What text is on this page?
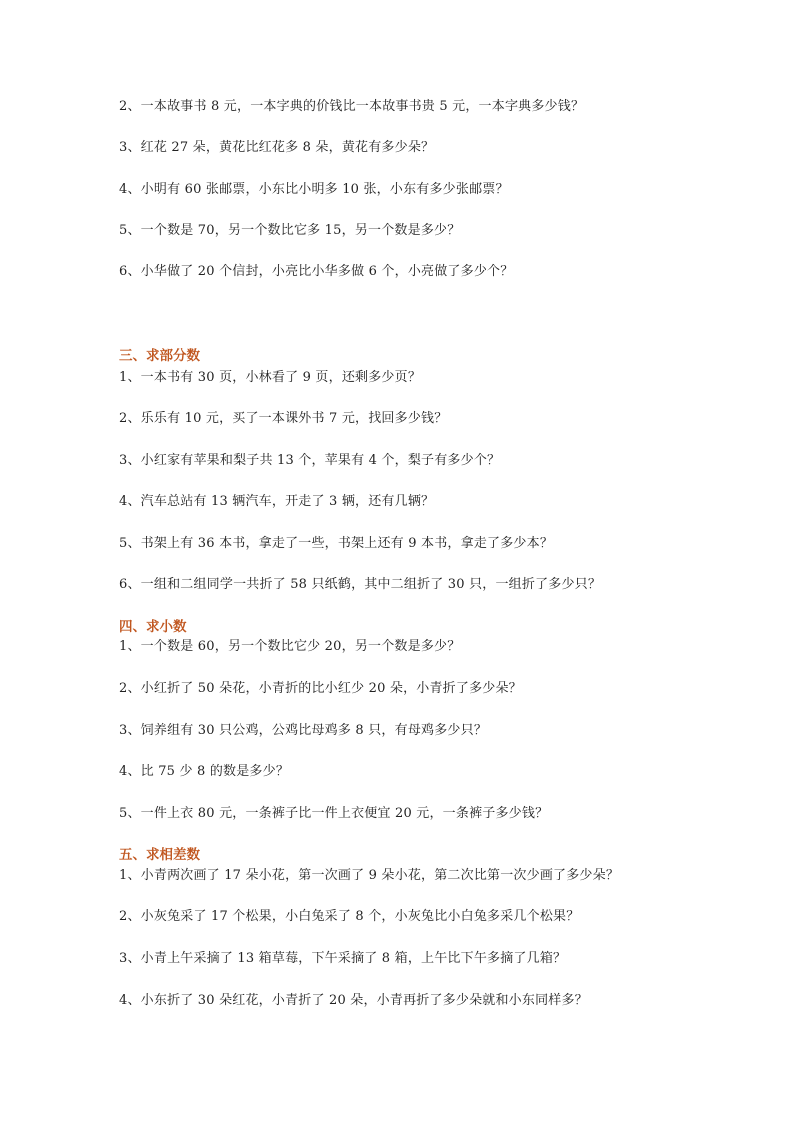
2、一本故事书 8 元，一本字典的价钱比一本故事书贵 5 元，一本字典多少钱？
3、红花 27 朵，黄花比红花多 8 朵，黄花有多少朵？
4、小明有 60 张邮票，小东比小明多 10 张，小东有多少张邮票？
5、一个数是 70，另一个数比它多 15，另一个数是多少？
6、小华做了 20 个信封，小亮比小华多做 6 个，小亮做了多少个？
三、求部分数
1、一本书有 30 页，小林看了 9 页，还剩多少页？
2、乐乐有 10 元，买了一本课外书 7 元，找回多少钱？
3、小红家有苹果和梨子共 13 个，苹果有 4 个，梨子有多少个？
4、汽车总站有 13 辆汽车，开走了 3 辆，还有几辆？
5、书架上有 36 本书，拿走了一些，书架上还有 9 本书，拿走了多少本？
6、一组和二组同学一共折了 58 只纸鹤，其中二组折了 30 只，一组折了多少只？
四、求小数
1、一个数是 60，另一个数比它少 20，另一个数是多少？
2、小红折了 50 朵花，小青折的比小红少 20 朵，小青折了多少朵？
3、饲养组有 30 只公鸡，公鸡比母鸡多 8 只，有母鸡多少只？
4、比 75 少 8 的数是多少？
5、一件上衣 80 元，一条裤子比一件上衣便宜 20 元，一条裤子多少钱？
五、求相差数
1、小青两次画了 17 朵小花，第一次画了 9 朵小花，第二次比第一次少画了多少朵？
2、小灰兔采了 17 个松果，小白兔采了 8 个，小灰兔比小白兔多采几个松果？
3、小青上午采摘了 13 箱草莓，下午采摘了 8 箱，上午比下午多摘了几箱？
4、小东折了 30 朵红花，小青折了 20 朵，小青再折了多少朵就和小东同样多？
